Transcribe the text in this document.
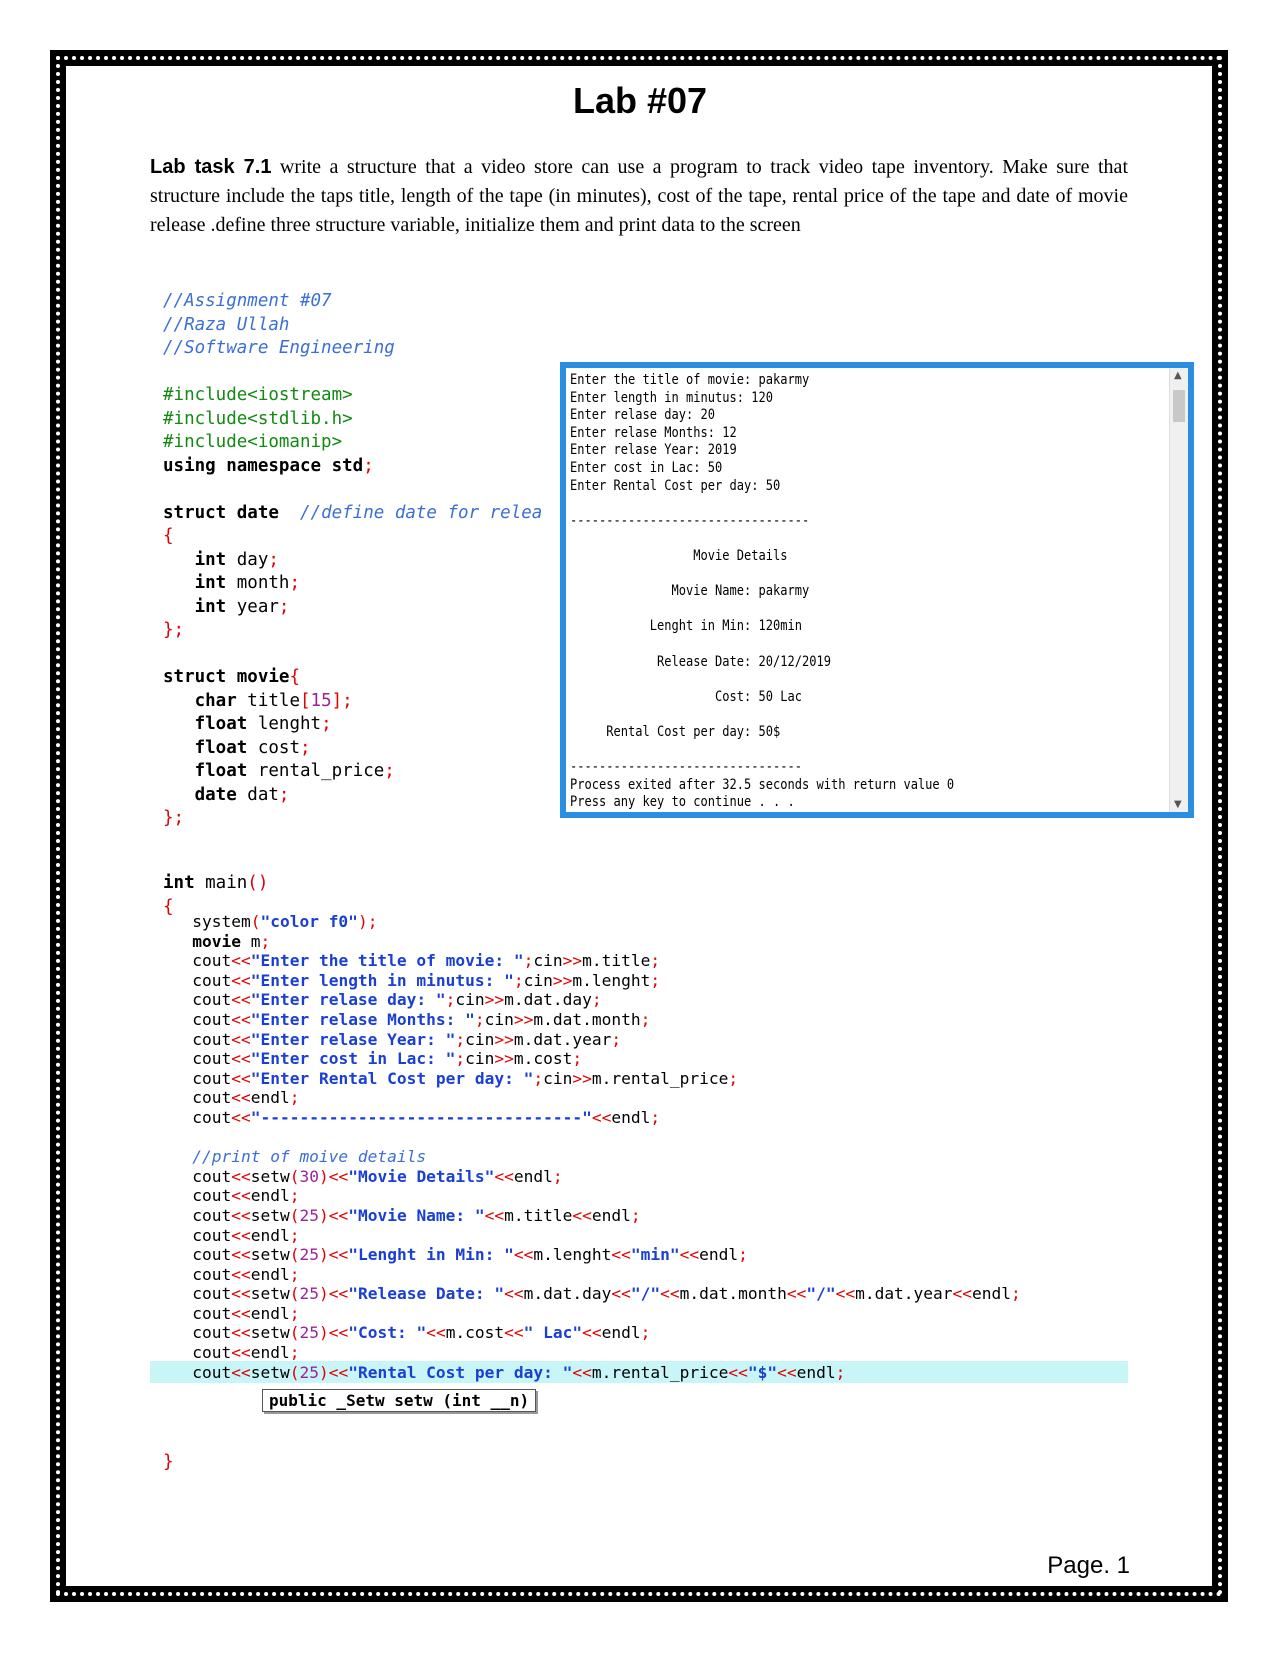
Lab #07
Lab task 7.1 write a structure that a video store can use a program to track video tape inventory. Make sure that structure include the taps title, length of the tape (in minutes), cost of the tape, rental price of the tape and date of movie release .define three structure variable, initialize them and print data to the screen
//Assignment #07
//Raza Ullah
//Software Engineering
#include<iostream>
#include<stdlib.h>
#include<iomanip>
using namespace std;
struct date //define date for relea
{
int day;
int month;
int year;
};
struct movie{
char title[15];
float lenght;
float cost;
float rental_price;
date dat;
};
int main()
{
system("color f0");
movie m;
cout<<"Enter the title of movie: ";cin>>m.title;
cout<<"Enter length in minutus: ";cin>>m.lenght;
cout<<"Enter relase day: ";cin>>m.dat.day;
cout<<"Enter relase Months: ";cin>>m.dat.month;
cout<<"Enter relase Year: ";cin>>m.dat.year;
cout<<"Enter cost in Lac: ";cin>>m.cost;
cout<<"Enter Rental Cost per day: ";cin>>m.rental_price;
cout<<endl;
cout<<"---------------------------------"<<endl;
//print of moive details
cout<<setw(30)<<"Movie Details"<<endl;
cout<<endl;
cout<<setw(25)<<"Movie Name: "<<m.title<<endl;
cout<<endl;
cout<<setw(25)<<"Lenght in Min: "<<m.lenght<<"min"<<endl;
cout<<endl;
cout<<setw(25)<<"Release Date: "<<m.dat.day<<"/"<<m.dat.month<<"/"<<m.dat.year<<endl;
cout<<endl;
cout<<setw(25)<<"Cost: "<<m.cost<<" Lac"<<endl;
cout<<endl;
cout<<setw(25)<<"Rental Cost per day: "<<m.rental_price<<"$"<<endl;
public _Setw setw (int __n)
}
Enter the title of movie: pakarmy
Enter length in minutus: 120
Enter relase day: 20
Enter relase Months: 12
Enter relase Year: 2019
Enter cost in Lac: 50
Enter Rental Cost per day: 50
---------------------------------
Movie Details
Movie Name: pakarmy
Lenght in Min: 120min
Release Date: 20/12/2019
Cost: 50 Lac
Rental Cost per day: 50$
--------------------------------
Process exited after 32.5 seconds with return value 0
Press any key to continue . . .
▲
▼
Page. 1
